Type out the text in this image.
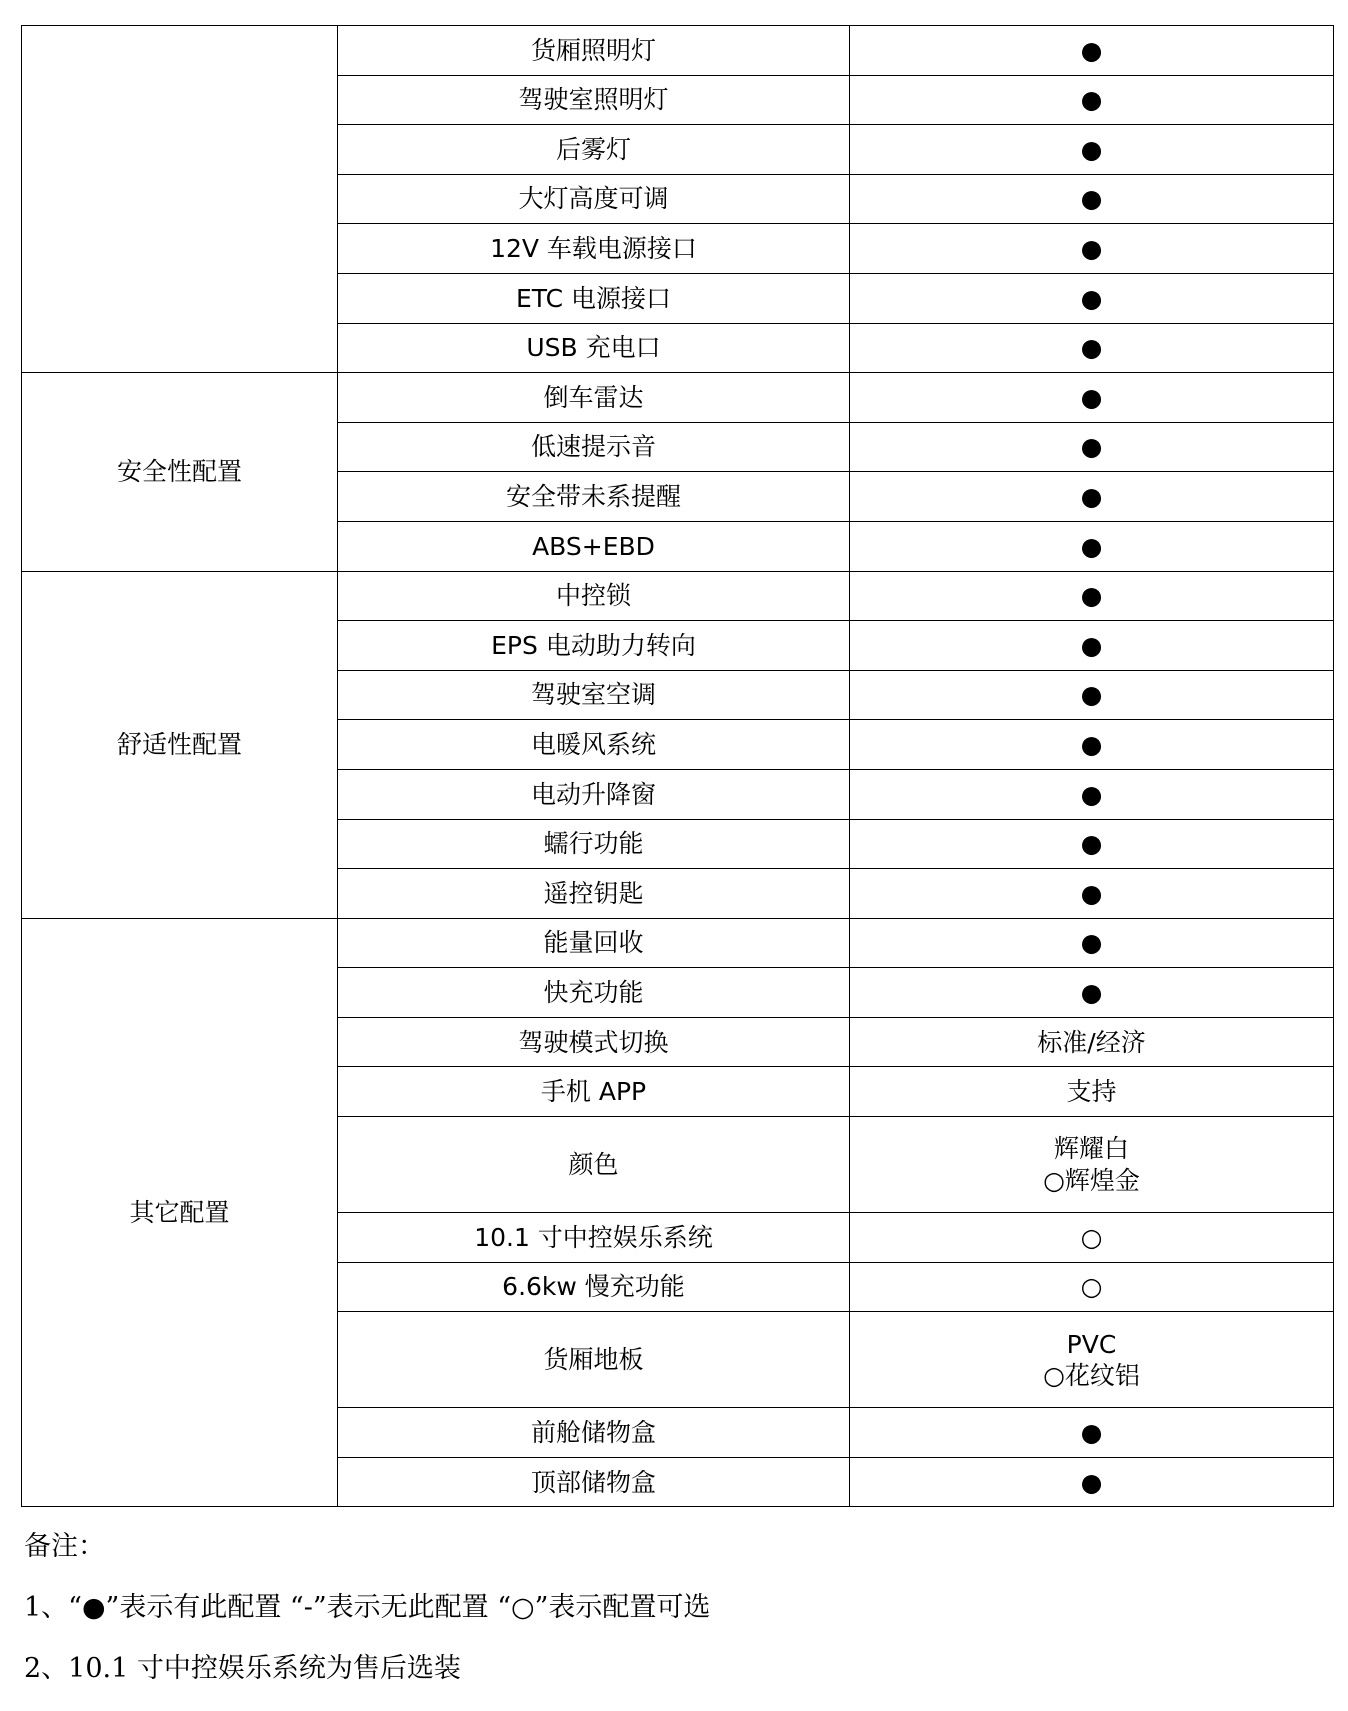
	货厢照明灯	●

	驾驶室照明灯	●

	后雾灯	●

	大灯高度可调	●

	12V 车载电源接口	●

	ETC 电源接口	●

	USB 充电口	●

安全性配置	倒车雷达	●

	低速提示音	●

	安全带未系提醒	●

	ABS+EBD	●

舒适性配置	中控锁	●

	EPS 电动助力转向	●

	驾驶室空调	●

	电暖风系统	●

	电动升降窗	●

	蠕行功能	●

	遥控钥匙	●

其它配置	能量回收	●

	快充功能	●

	驾驶模式切换	标准/经济

	手机 APP	支持

	颜色	辉耀白
○辉煌金

	10.1 寸中控娱乐系统	○

	6.6kw 慢充功能	○

	货厢地板	PVC
○花纹铝

	前舱储物盒	●

	顶部储物盒	●

备注：

1、“●”表示有此配置 “-”表示无此配置 “○”表示配置可选

2、10.1 寸中控娱乐系统为售后选装
